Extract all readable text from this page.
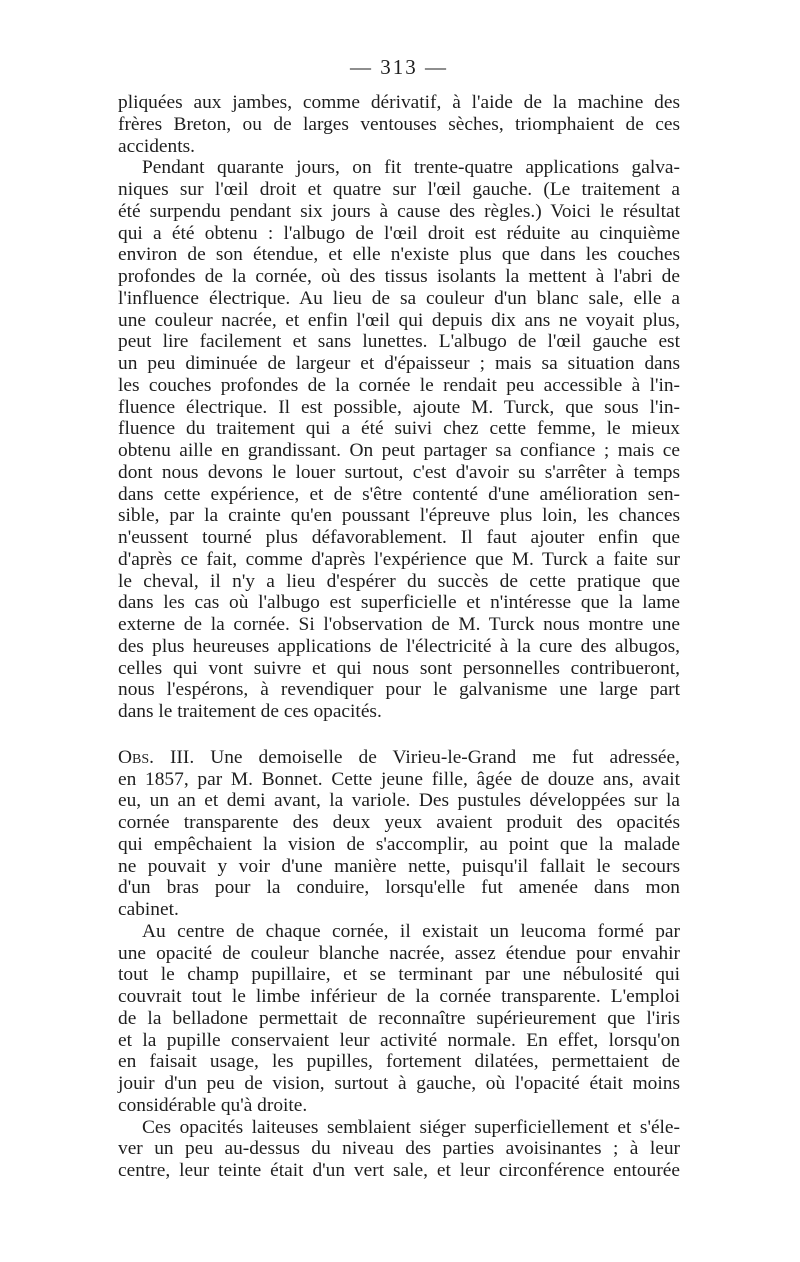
— 313 —
pliquées aux jambes, comme dérivatif, à l'aide de la machine des
frères Breton, ou de larges ventouses sèches, triomphaient de ces
accidents.
Pendant quarante jours, on fit trente-quatre applications galva-
niques sur l'œil droit et quatre sur l'œil gauche. (Le traitement a
été surpendu pendant six jours à cause des règles.) Voici le résultat
qui a été obtenu : l'albugo de l'œil droit est réduite au cinquième
environ de son étendue, et elle n'existe plus que dans les couches
profondes de la cornée, où des tissus isolants la mettent à l'abri de
l'influence électrique. Au lieu de sa couleur d'un blanc sale, elle a
une couleur nacrée, et enfin l'œil qui depuis dix ans ne voyait plus,
peut lire facilement et sans lunettes. L'albugo de l'œil gauche est
un peu diminuée de largeur et d'épaisseur ; mais sa situation dans
les couches profondes de la cornée le rendait peu accessible à l'in-
fluence électrique. Il est possible, ajoute M. Turck, que sous l'in-
fluence du traitement qui a été suivi chez cette femme, le mieux
obtenu aille en grandissant. On peut partager sa confiance ; mais ce
dont nous devons le louer surtout, c'est d'avoir su s'arrêter à temps
dans cette expérience, et de s'être contenté d'une amélioration sen-
sible, par la crainte qu'en poussant l'épreuve plus loin, les chances
n'eussent tourné plus défavorablement. Il faut ajouter enfin que
d'après ce fait, comme d'après l'expérience que M. Turck a faite sur
le cheval, il n'y a lieu d'espérer du succès de cette pratique que
dans les cas où l'albugo est superficielle et n'intéresse que la lame
externe de la cornée. Si l'observation de M. Turck nous montre une
des plus heureuses applications de l'électricité à la cure des albugos,
celles qui vont suivre et qui nous sont personnelles contribueront,
nous l'espérons, à revendiquer pour le galvanisme une large part
dans le traitement de ces opacités.
Obs. III. Une demoiselle de Virieu-le-Grand me fut adressée,
en 1857, par M. Bonnet. Cette jeune fille, âgée de douze ans, avait
eu, un an et demi avant, la variole. Des pustules développées sur la
cornée transparente des deux yeux avaient produit des opacités
qui empêchaient la vision de s'accomplir, au point que la malade
ne pouvait y voir d'une manière nette, puisqu'il fallait le secours
d'un bras pour la conduire, lorsqu'elle fut amenée dans mon
cabinet.
Au centre de chaque cornée, il existait un leucoma formé par
une opacité de couleur blanche nacrée, assez étendue pour envahir
tout le champ pupillaire, et se terminant par une nébulosité qui
couvrait tout le limbe inférieur de la cornée transparente. L'emploi
de la belladone permettait de reconnaître supérieurement que l'iris
et la pupille conservaient leur activité normale. En effet, lorsqu'on
en faisait usage, les pupilles, fortement dilatées, permettaient de
jouir d'un peu de vision, surtout à gauche, où l'opacité était moins
considérable qu'à droite.
Ces opacités laiteuses semblaient siéger superficiellement et s'éle-
ver un peu au-dessus du niveau des parties avoisinantes ; à leur
centre, leur teinte était d'un vert sale, et leur circonférence entourée
